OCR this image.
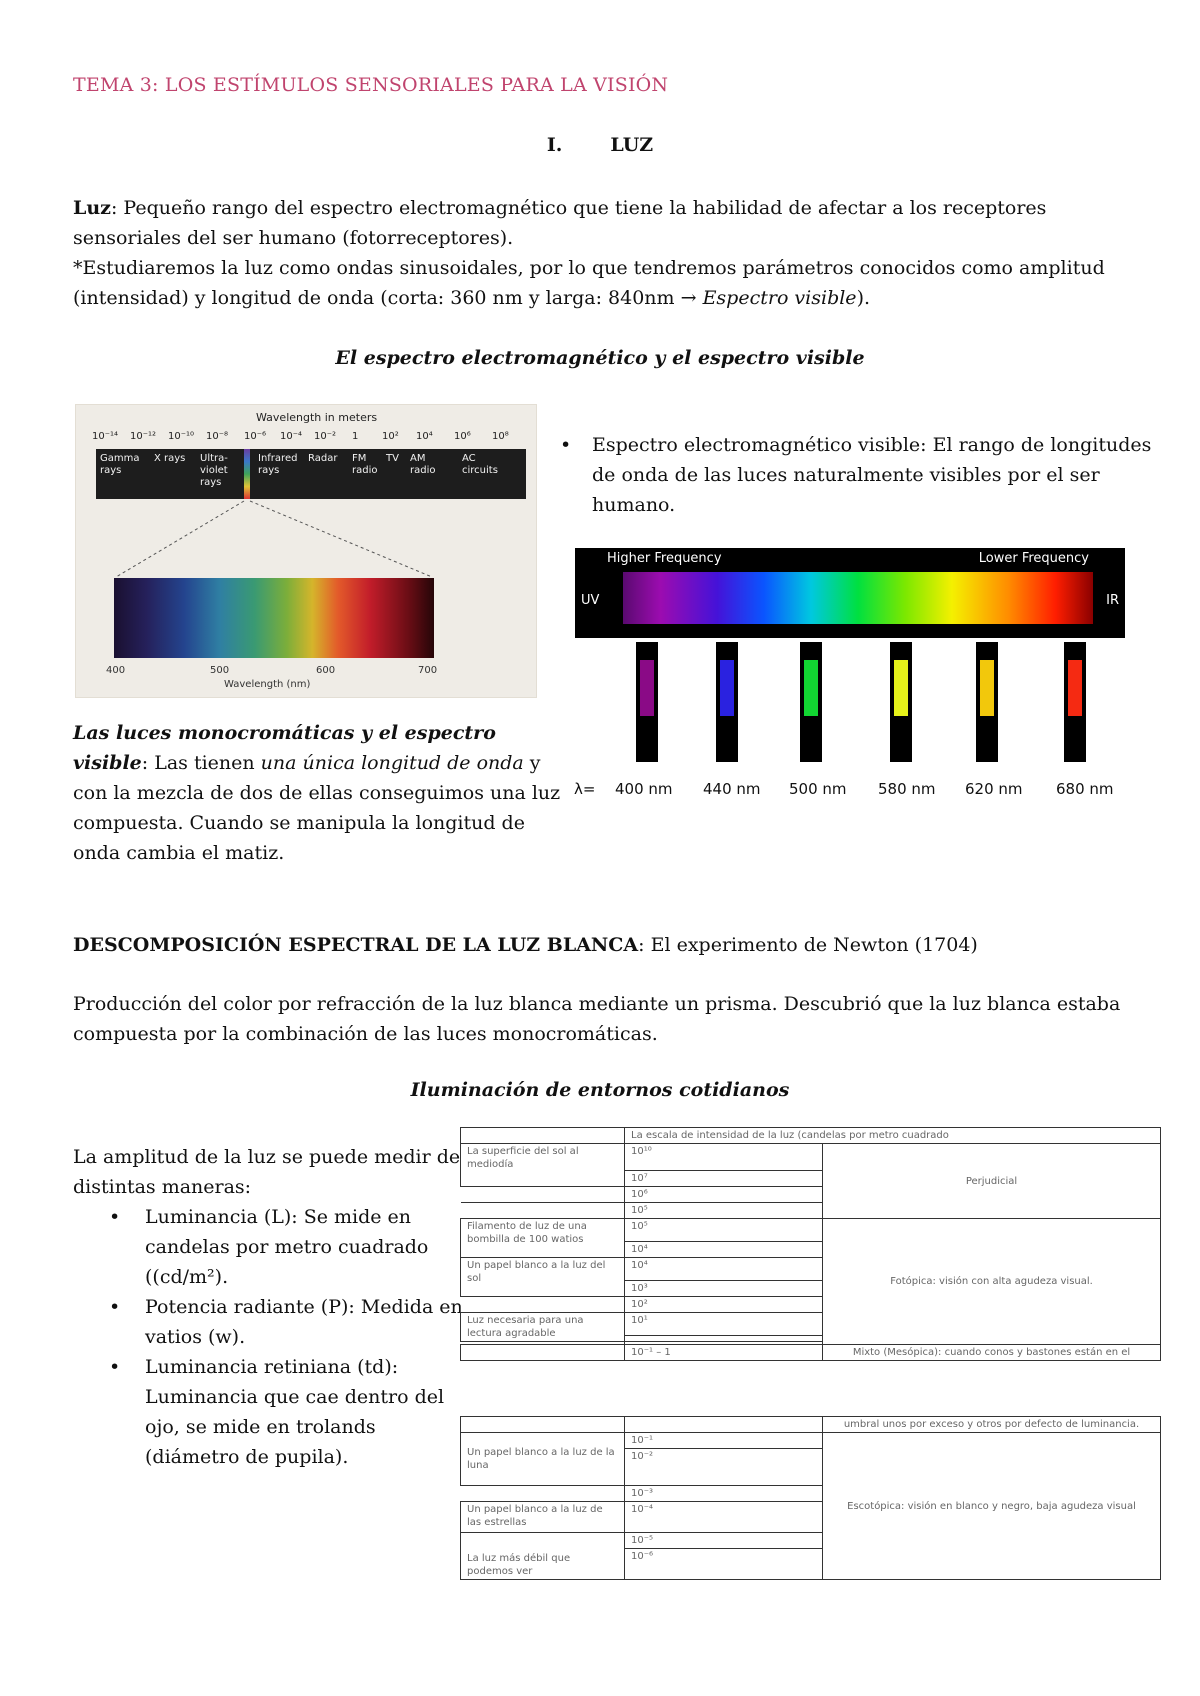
TEMA 3: LOS ESTÍMULOS SENSORIALES PARA LA VISIÓN
I.	LUZ
Luz: Pequeño rango del espectro electromagnético que tiene la habilidad de afectar a los receptores sensoriales del ser humano (fotorreceptores).
*Estudiaremos la luz como ondas sinusoidales, por lo que tendremos parámetros conocidos como amplitud (intensidad) y longitud de onda (corta: 360 nm y larga: 840nm → Espectro visible).
El espectro electromagnético y el espectro visible
Wavelength in meters
10⁻¹⁴ 10⁻¹² 10⁻¹⁰ 10⁻⁸ 10⁻⁶ 10⁻⁴ 10⁻² 1 10² 10⁴ 10⁶ 10⁸
Gamma rays
X rays	Ultra-violet rays
Infrared rays
Radar	FM radio
TV	AM radio
AC circuits
400	500	600	700
Wavelength (nm)
• Espectro electromagnético visible: El rango de longitudes de onda de las luces naturalmente visibles por el ser humano.
Higher Frequency	Lower Frequency
UV	IR
400 nm 440 nm 500 nm 580 nm 620 nm 680 nm
λ=
Las luces monocromáticas y el espectro visible: Las tienen una única longitud de onda y con la mezcla de dos de ellas conseguimos una luz compuesta. Cuando se manipula la longitud de onda cambia el matiz.
DESCOMPOSICIÓN ESPECTRAL DE LA LUZ BLANCA: El experimento de Newton (1704)
Producción del color por refracción de la luz blanca mediante un prisma. Descubrió que la luz blanca estaba compuesta por la combinación de las luces monocromáticas.
Iluminación de entornos cotidianos
La amplitud de la luz se puede medir de distintas maneras:
• Luminancia (L): Se mide en candelas por metro cuadrado ((cd/m²).
• Potencia radiante (P): Medida en vatios (w).
• Luminancia retiniana (td): Luminancia que cae dentro del ojo, se mide en trolands (diámetro de pupila).
	La escala de intensidad de la luz (candelas por metro cuadrado	
La superficie del sol al mediodía	10¹⁰	Perjudicial
	10⁷	
	10⁶	
	10⁵	
Filamento de luz de una bombilla de 100 watios	10⁵	Fotópica: visión con alta agudeza visual.
	10⁴	
Un papel blanco a la luz del sol	10⁴	
	10³	
	10²	
Luz necesaria para una lectura agradable	10¹	

	10⁻¹ – 1	Mixto (Mesópica): cuando conos y bastones están en el
		umbral unos por exceso y otros por defecto de luminancia.
Un papel blanco a la luz de la luna	10⁻¹	Escotópica: visión en blanco y negro, baja agudeza visual
	10⁻²	
	10⁻³	
Un papel blanco a la luz de las estrellas	10⁻⁴	
La luz más débil que podemos ver	10⁻⁵	
	10⁻⁶	
